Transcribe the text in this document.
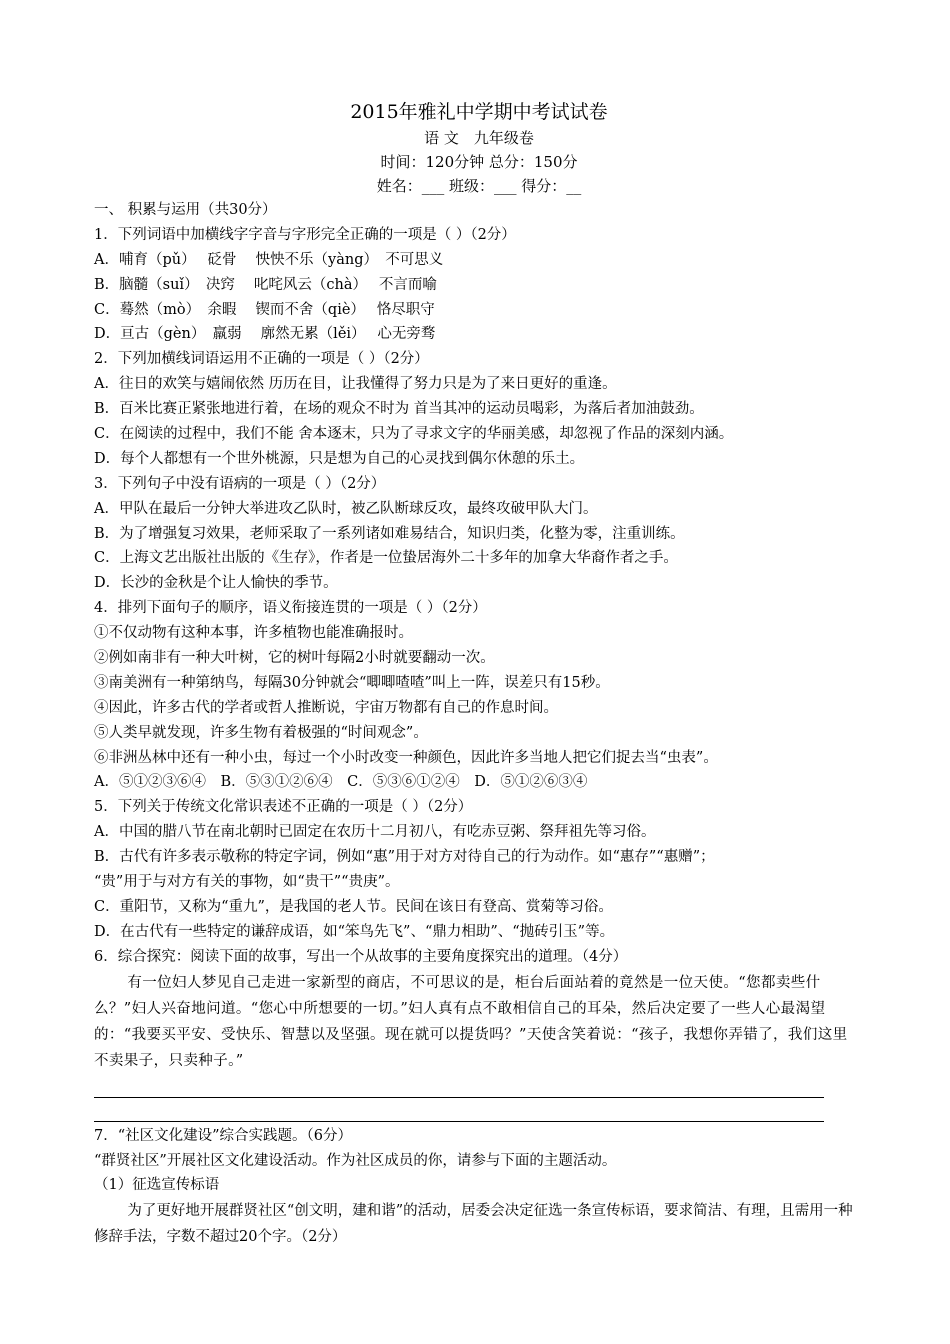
2015年雅礼中学期中考试试卷
语 文　九年级卷
时间：120分钟 总分：150分
姓名：___ 班级：___ 得分：__
一、 积累与运用（共30分）
1．下列词语中加横线字字音与字形完全正确的一项是（ ）（2分）
A．哺育（pǔ）　 砭骨　 怏怏不乐（yàng）　不可思义
B．脑髓（suǐ）　决窍　 叱咤风云（chà）　 不言而喻
C．蓦然（mò）　余暇　 锲而不舍（qiè）　 恪尽职守
D．亘古（gèn）　羸弱　 廓然无累（lěi）　 心无旁骛
2．下列加横线词语运用不正确的一项是（ ）（2分）
A．往日的欢笑与嬉闹依然 历历在目，让我懂得了努力只是为了来日更好的重逢。
B．百米比赛正紧张地进行着，在场的观众不时为 首当其冲的运动员喝彩，为落后者加油鼓劲。
C．在阅读的过程中，我们不能 舍本逐末，只为了寻求文字的华丽美感，却忽视了作品的深刻内涵。
D．每个人都想有一个世外桃源，只是想为自己的心灵找到偶尔休憩的乐土。
3．下列句子中没有语病的一项是（ ）（2分）
A．甲队在最后一分钟大举进攻乙队时，被乙队断球反攻，最终攻破甲队大门。
B．为了增强复习效果，老师采取了一系列诸如难易结合，知识归类，化整为零，注重训练。
C．上海文艺出版社出版的《生存》，作者是一位蛰居海外二十多年的加拿大华裔作者之手。
D．长沙的金秋是个让人愉快的季节。
4．排列下面句子的顺序，语义衔接连贯的一项是（ ）（2分）
①不仅动物有这种本事，许多植物也能准确报时。
②例如南非有一种大叶树，它的树叶每隔2小时就要翻动一次。
③南美洲有一种第纳鸟，每隔30分钟就会“唧唧喳喳”叫上一阵，误差只有15秒。
④因此，许多古代的学者或哲人推断说，宇宙万物都有自己的作息时间。
⑤人类早就发现，许多生物有着极强的“时间观念”。
⑥非洲丛林中还有一种小虫，每过一个小时改变一种颜色，因此许多当地人把它们捉去当“虫表”。
A．⑤①②③⑥④　B．⑤③①②⑥④　C．⑤③⑥①②④　D．⑤①②⑥③④
5．下列关于传统文化常识表述不正确的一项是（ ）（2分）
A．中国的腊八节在南北朝时已固定在农历十二月初八，有吃赤豆粥、祭拜祖先等习俗。
B．古代有许多表示敬称的特定字词，例如“惠”用于对方对待自己的行为动作。如“惠存”“惠赠”；
“贵”用于与对方有关的事物，如“贵干”“贵庚”。
C．重阳节，又称为“重九”，是我国的老人节。民间在该日有登高、赏菊等习俗。
D．在古代有一些特定的谦辞成语，如“笨鸟先飞”、“鼎力相助”、“抛砖引玉”等。
6．综合探究：阅读下面的故事，写出一个从故事的主要角度探究出的道理。（4分）
有一位妇人梦见自己走进一家新型的商店，不可思议的是，柜台后面站着的竟然是一位天使。“您都卖些什么？”妇人兴奋地问道。“您心中所想要的一切。”妇人真有点不敢相信自己的耳朵，然后决定要了一些人心最渴望的：“我要买平安、受快乐、智慧以及坚强。现在就可以提货吗？”天使含笑着说：“孩子，我想你弄错了，我们这里不卖果子，只卖种子。”
7．“社区文化建设”综合实践题。（6分）
“群贤社区”开展社区文化建设活动。作为社区成员的你，请参与下面的主题活动。
（1）征选宣传标语
为了更好地开展群贤社区“创文明，建和谐”的活动，居委会决定征选一条宣传标语，要求简洁、有理，且需用一种修辞手法，字数不超过20个字。（2分）
